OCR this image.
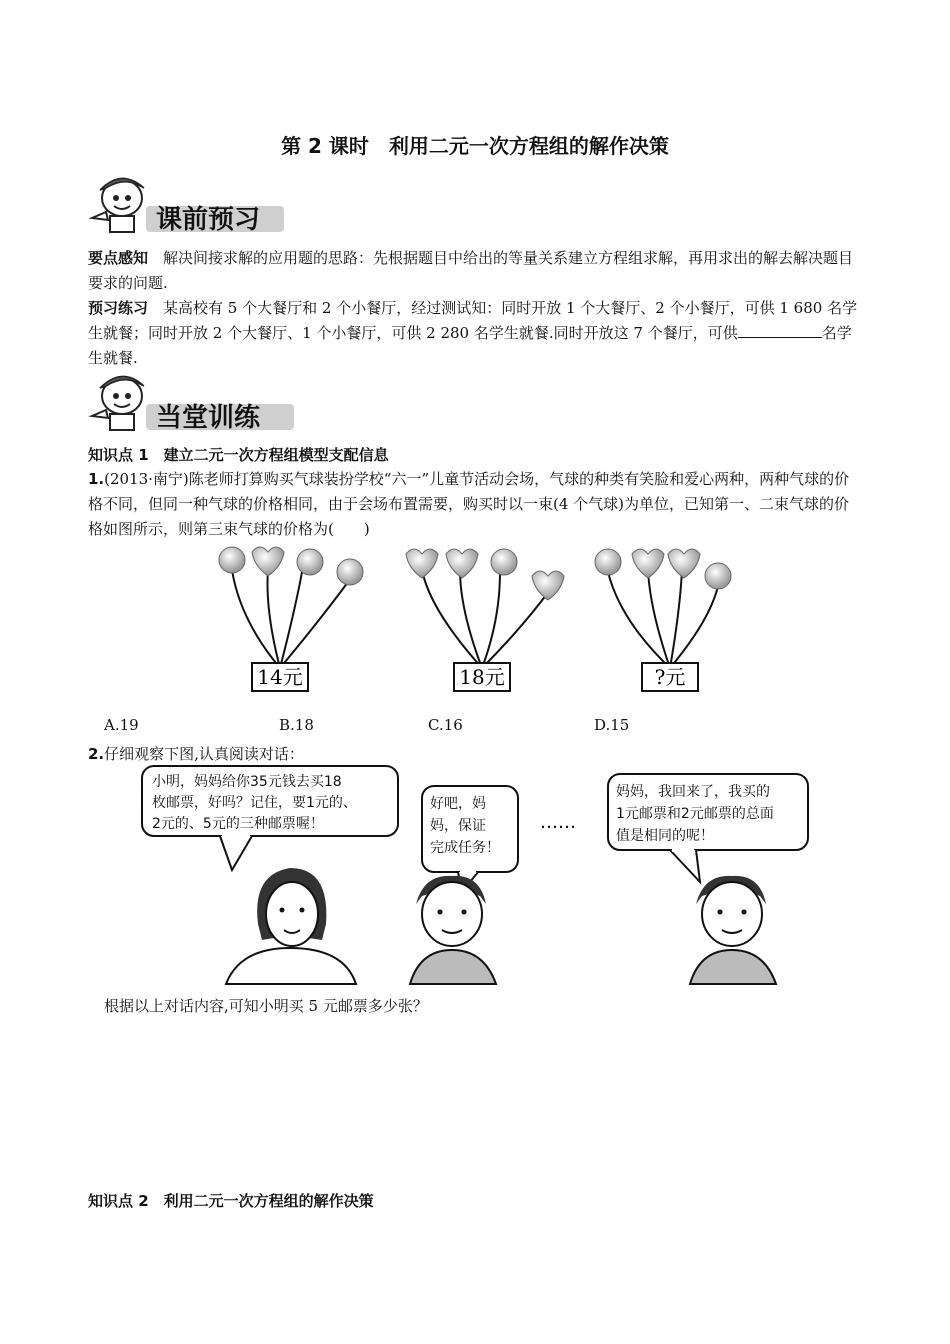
第 2 课时　利用二元一次方程组的解作决策
课前预习
要点感知　 解决间接求解的应用题的思路：先根据题目中给出的等量关系建立方程组求解，再用求出的解去解决题目要求的问题.
预习练习　 某高校有 5 个大餐厅和 2 个小餐厅，经过测试知：同时开放 1 个大餐厅、2 个小餐厅，可供 1 680 名学生就餐；同时开放 2 个大餐厅、1 个小餐厅，可供 2 280 名学生就餐.同时开放这 7 个餐厅，可供	名学生就餐.
当堂训练
知识点 1　建立二元一次方程组模型支配信息
1.(2013·南宁)陈老师打算购买气球装扮学校“六一”儿童节活动会场，气球的种类有笑脸和爱心两种，两种气球的价格不同，但同一种气球的价格相同，由于会场布置需要，购买时以一束(4 个气球)为单位，已知第一、二束气球的价格如图所示，则第三束气球的价格为(　　)
14元	18元	?元
A.19	B.18	C.16	D.15
2.仔细观察下图,认真阅读对话：
小明，妈妈给你35元钱去买18
枚邮票，好吗？记住，要1元的、
2元的、5元的三种邮票喔！
好吧，妈
妈，保证
完成任务！
……
妈妈，我回来了，我买的
1元邮票和2元邮票的总面
值是相同的呢！
根据以上对话内容,可知小明买 5 元邮票多少张？
知识点 2　利用二元一次方程组的解作决策
